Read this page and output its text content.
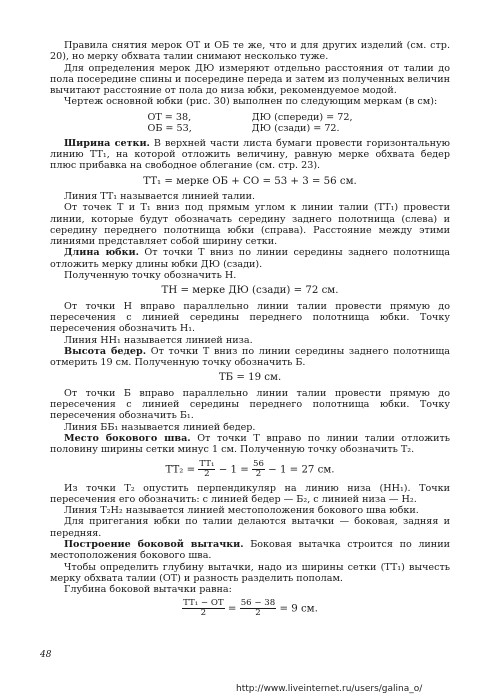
Правила снятия мерок ОТ и ОБ те же, что и для других изделий (см. стр. 20), но мерку обхвата талии снимают несколько туже.

Для определения мерок ДЮ измеряют отдельно расстояния от талии до пола посередине спины и посередине переда и затем из полученных величин вычитают расстояние от пола до низа юбки, рекомендуемое модой.

Чертеж основной юбки (рис. 30) выполнен по следующим меркам (в см):

ОТ = 38,
ОБ = 53,
ДЮ (спереди) = 72,
ДЮ (сзади) = 72.

Ширина сетки. В верхней части листа бумаги провести горизонтальную линию TT₁, на которой отложить величину, равную мерке обхвата бедер плюс прибавка на свободное облегание (см. стр. 23).

TT₁ = мерке ОБ + СО = 53 + 3 = 56 см.

Линия TT₁ называется линией талии.

От точек T и T₁ вниз под прямым углом к линии талии (TT₁) провести линии, которые будут обозначать середину заднего полотнища (слева) и середину переднего полотнища юбки (справа). Расстояние между этими линиями представляет собой ширину сетки.

Длина юбки. От точки T вниз по линии середины заднего полотнища отложить мерку длины юбки ДЮ (сзади).

Полученную точку обозначить H.

TH = мерке ДЮ (сзади) = 72 см.

От точки H вправо параллельно линии талии провести прямую до пересечения с линией середины переднего полотнища юбки. Точку пересечения обозначить H₁.

Линия HH₁ называется линией низа.

Высота бедер. От точки T вниз по линии середины заднего полотнища отмерить 19 см. Полученную точку обозначить Б.

TБ = 19 см.

От точки Б вправо параллельно линии талии провести прямую до пересечения с линией середины переднего полотнища юбки. Точку пересечения обозначить Б₁.

Линия ББ₁ называется линией бедер.

Место бокового шва. От точки T вправо по линии талии отложить половину ширины сетки минус 1 см. Полученную точку обозначить T₂.

$TT_2 = \frac{\text{TT₁}}{2} - 1 = \frac{56}{2} - 1 = 27$ см.

Из точки T₂ опустить перпендикуляр на линию низа (HH₁). Точки пересечения его обозначить: с линией бедер — Б₂, с линией низа — H₂.

Линия T₂H₂ называется линией местоположения бокового шва юбки.

Для пригегания юбки по талии делаются вытачки — боковая, задняя и передняя.

Построение боковой вытачки. Боковая вытачка строится по линии местоположения бокового шва.

Чтобы определить глубину вытачки, надо из ширины сетки (TT₁) вычесть мерку обхвата талии (ОТ) и разность разделить пополам.

Глубина боковой вытачки равна:

$\frac{\text{TT₁ − ОТ}}{2} = \frac{56 - 38}{2} = 9$ см.
48
http://www.liveinternet.ru/users/galina_o/
